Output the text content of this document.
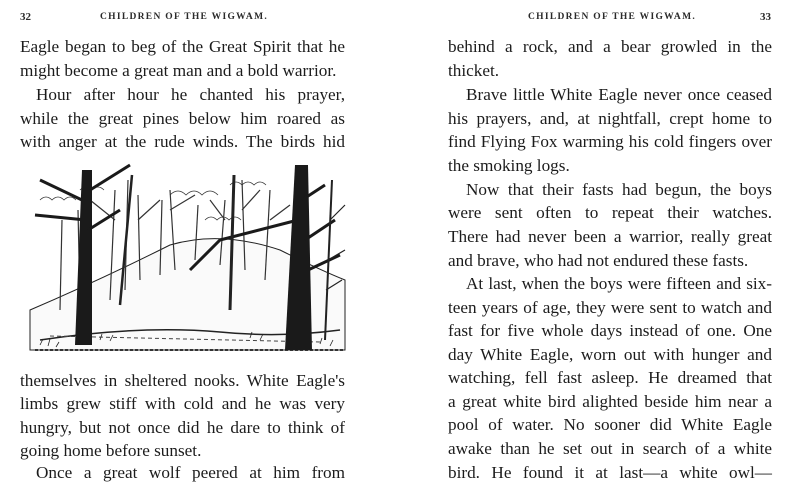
32	CHILDREN OF THE WIGWAM.
Eagle began to beg of the Great Spirit that he
might become a great man and a bold warrior.
Hour after hour he chanted his prayer,
while the great pines below him roared as
with anger at the rude winds. The birds hid
themselves in sheltered nooks. White Eagle's
limbs grew stiff with cold and he was very
hungry, but not once did he dare to think of
going home before sunset.
Once a great wolf peered at him from
CHILDREN OF THE WIGWAM.	33
behind a rock, and a bear growled in the
thicket.
Brave little White Eagle never once ceased
his prayers, and, at nightfall, crept home to
find Flying Fox warming his cold fingers over
the smoking logs.
Now that their fasts had begun, the boys
were sent often to repeat their watches.
There had never been a warrior, really great
and brave, who had not endured these fasts.
At last, when the boys were fifteen and six-
teen years of age, they were sent to watch and
fast for five whole days instead of one. One
day White Eagle, worn out with hunger and
watching, fell fast asleep. He dreamed that
a great white bird alighted beside him near a
pool of water. No sooner did White Eagle
awake than he set out in search of a white
bird. He found it at last—a white owl—
